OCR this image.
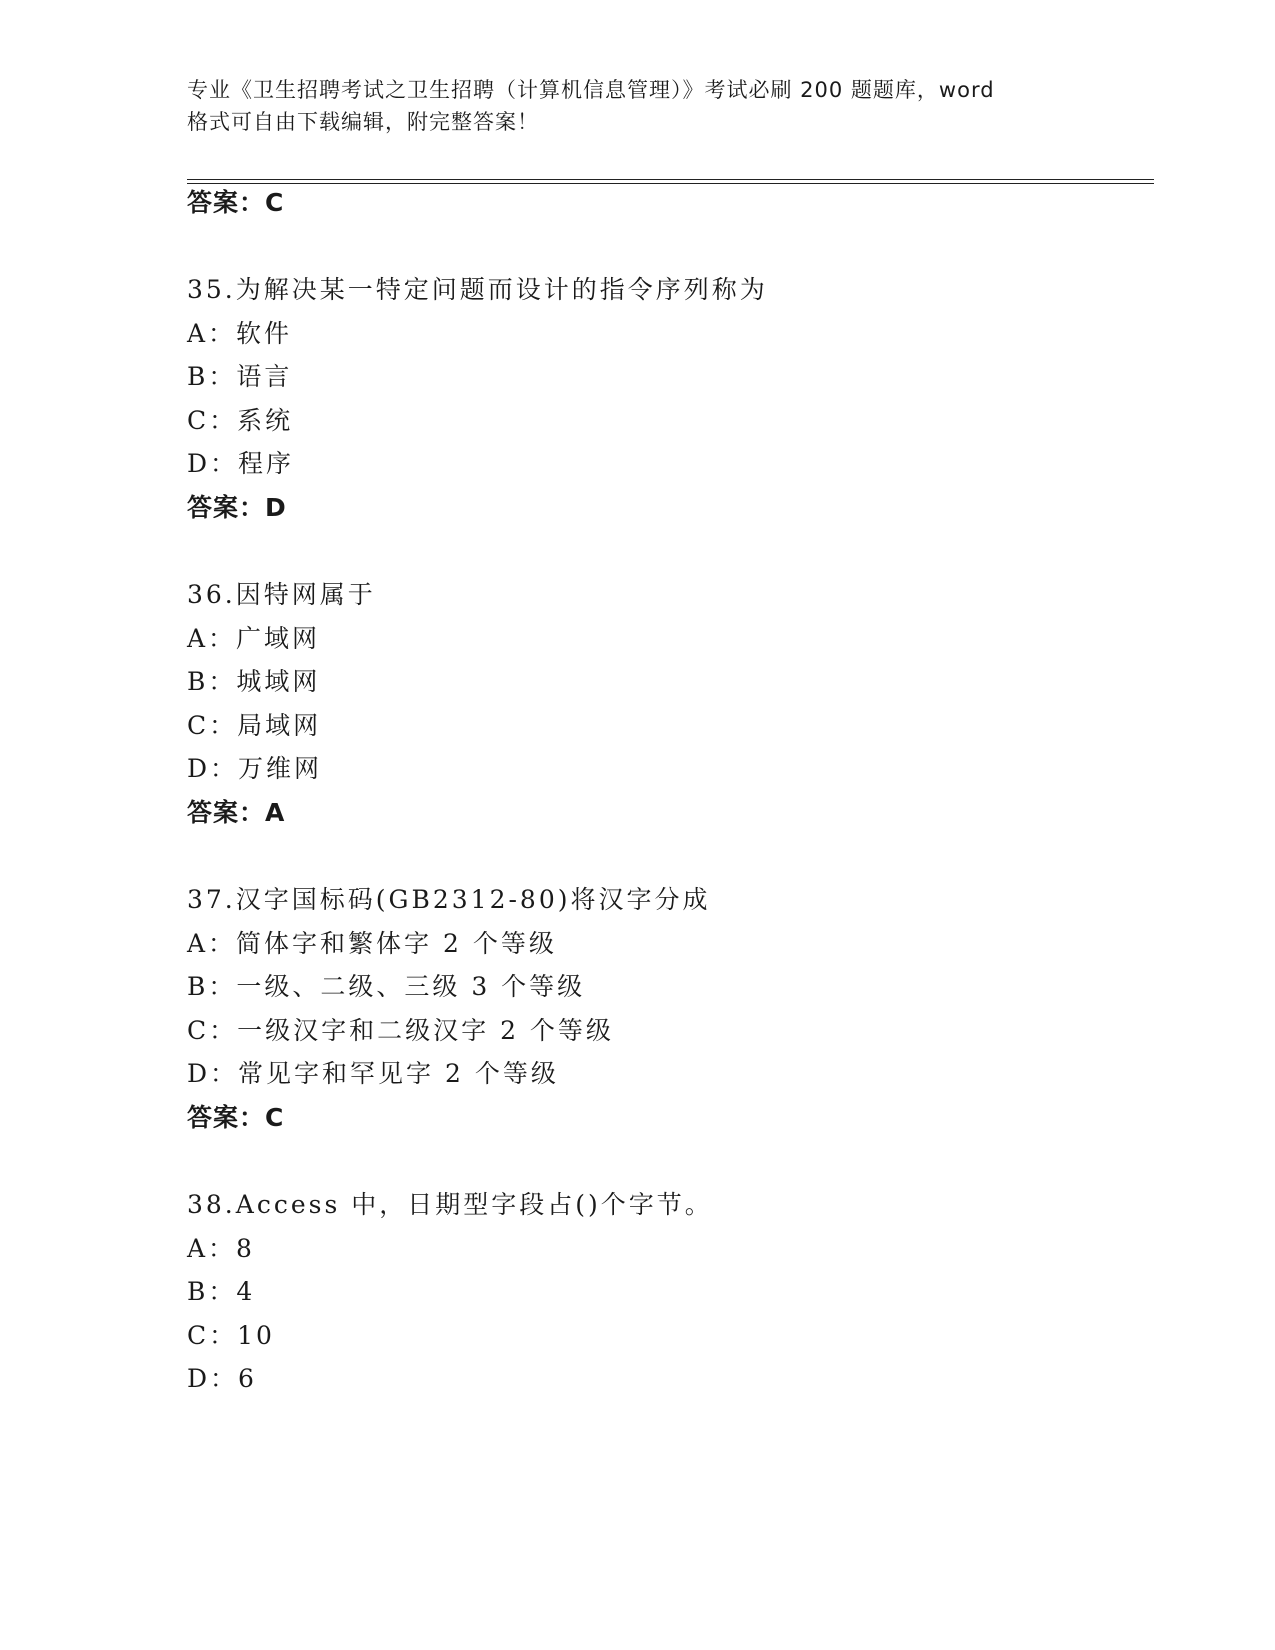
专业《卫生招聘考试之卫生招聘（计算机信息管理）》考试必刷 200 题题库，word
格式可自由下载编辑，附完整答案！
答案：C
35.为解决某一特定问题而设计的指令序列称为
A：软件
B：语言
C：系统
D：程序
答案：D
36.因特网属于
A：广域网
B：城域网
C：局域网
D：万维网
答案：A
37.汉字国标码(GB2312-80)将汉字分成
A：简体字和繁体字 2 个等级
B：一级、二级、三级 3 个等级
C：一级汉字和二级汉字 2 个等级
D：常见字和罕见字 2 个等级
答案：C
38.Access 中，日期型字段占()个字节。
A：8
B：4
C：10
D：6
